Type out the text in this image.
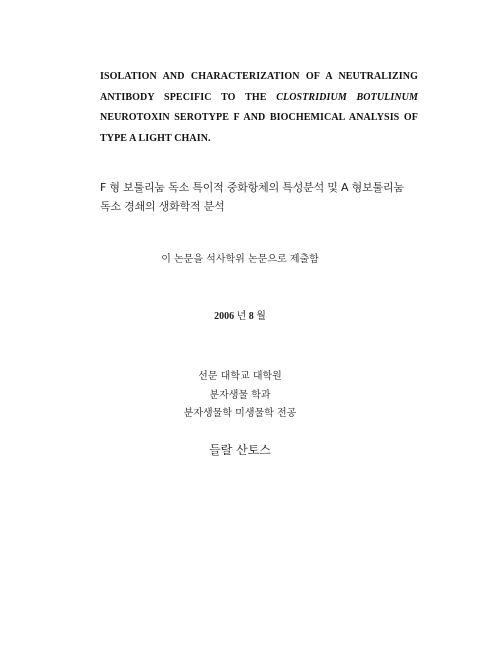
ISOLATION AND CHARACTERIZATION OF A NEUTRALIZING ANTIBODY SPECIFIC TO THE CLOSTRIDIUM BOTULINUM NEUROTOXIN SEROTYPE F AND BIOCHEMICAL ANALYSIS OF TYPE A LIGHT CHAIN.
F 형 보툴리눔 독소 특이적 중화항체의 특성분석 및 A 형보툴리눔
독소 경쇄의 생화학적 분석
이 논문을 석사학위 논문으로 제출함
2006 년 8 월
선문 대학교 대학원
분자생물 학과
분자생물학 미생물학 전공
들랄 산토스
